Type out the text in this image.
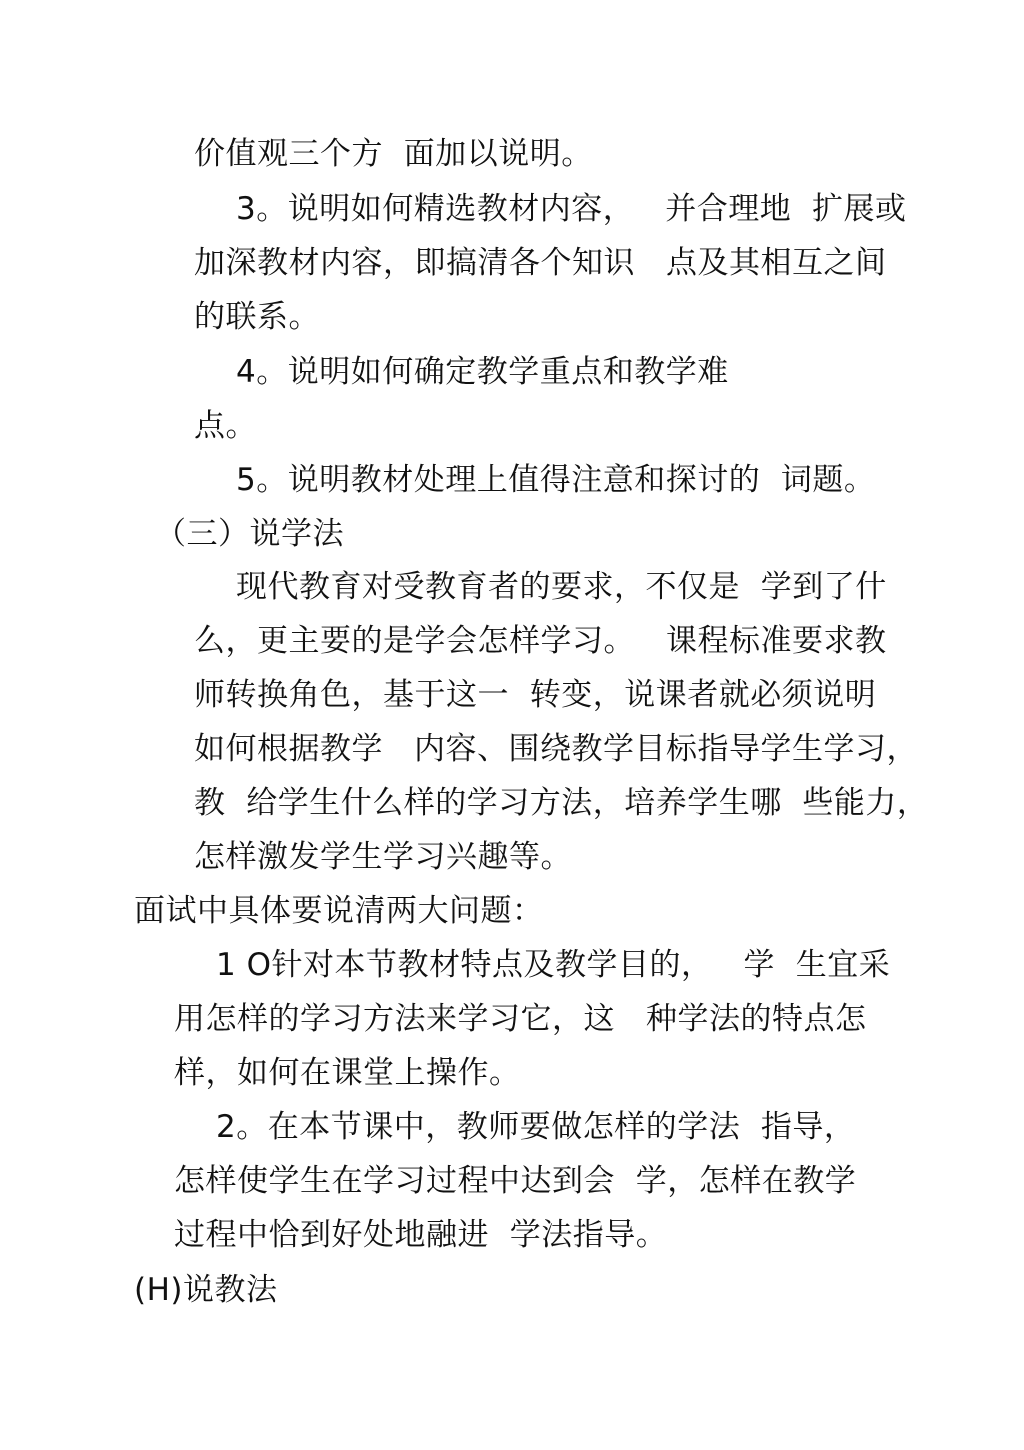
价值观三个方  面加以说明。
3。说明如何精选教材内容，   并合理地  扩展或
加深教材内容，即搞清各个知识   点及其相互之间
的联系。
4。说明如何确定教学重点和教学难
点。
5。说明教材处理上值得注意和探讨的  词题。
（三）说学法
现代教育对受教育者的要求，不仅是  学到了什
么，更主要的是学会怎样学习。   课程标准要求教
师转换角色，基于这一  转变，说课者就必须说明
如何根据教学   内容、围绕教学目标指导学生学习，
教  给学生什么样的学习方法，培养学生哪  些能力，
怎样激发学生学习兴趣等。
面试中具体要说清两大问题：
1 O针对本节教材特点及教学目的，   学  生宜采
用怎样的学习方法来学习它，这   种学法的特点怎
样，如何在课堂上操作。
2。在本节课中，教师要做怎样的学法  指导，
怎样使学生在学习过程中达到会  学，怎样在教学
过程中恰到好处地融进  学法指导。
(H)说教法
